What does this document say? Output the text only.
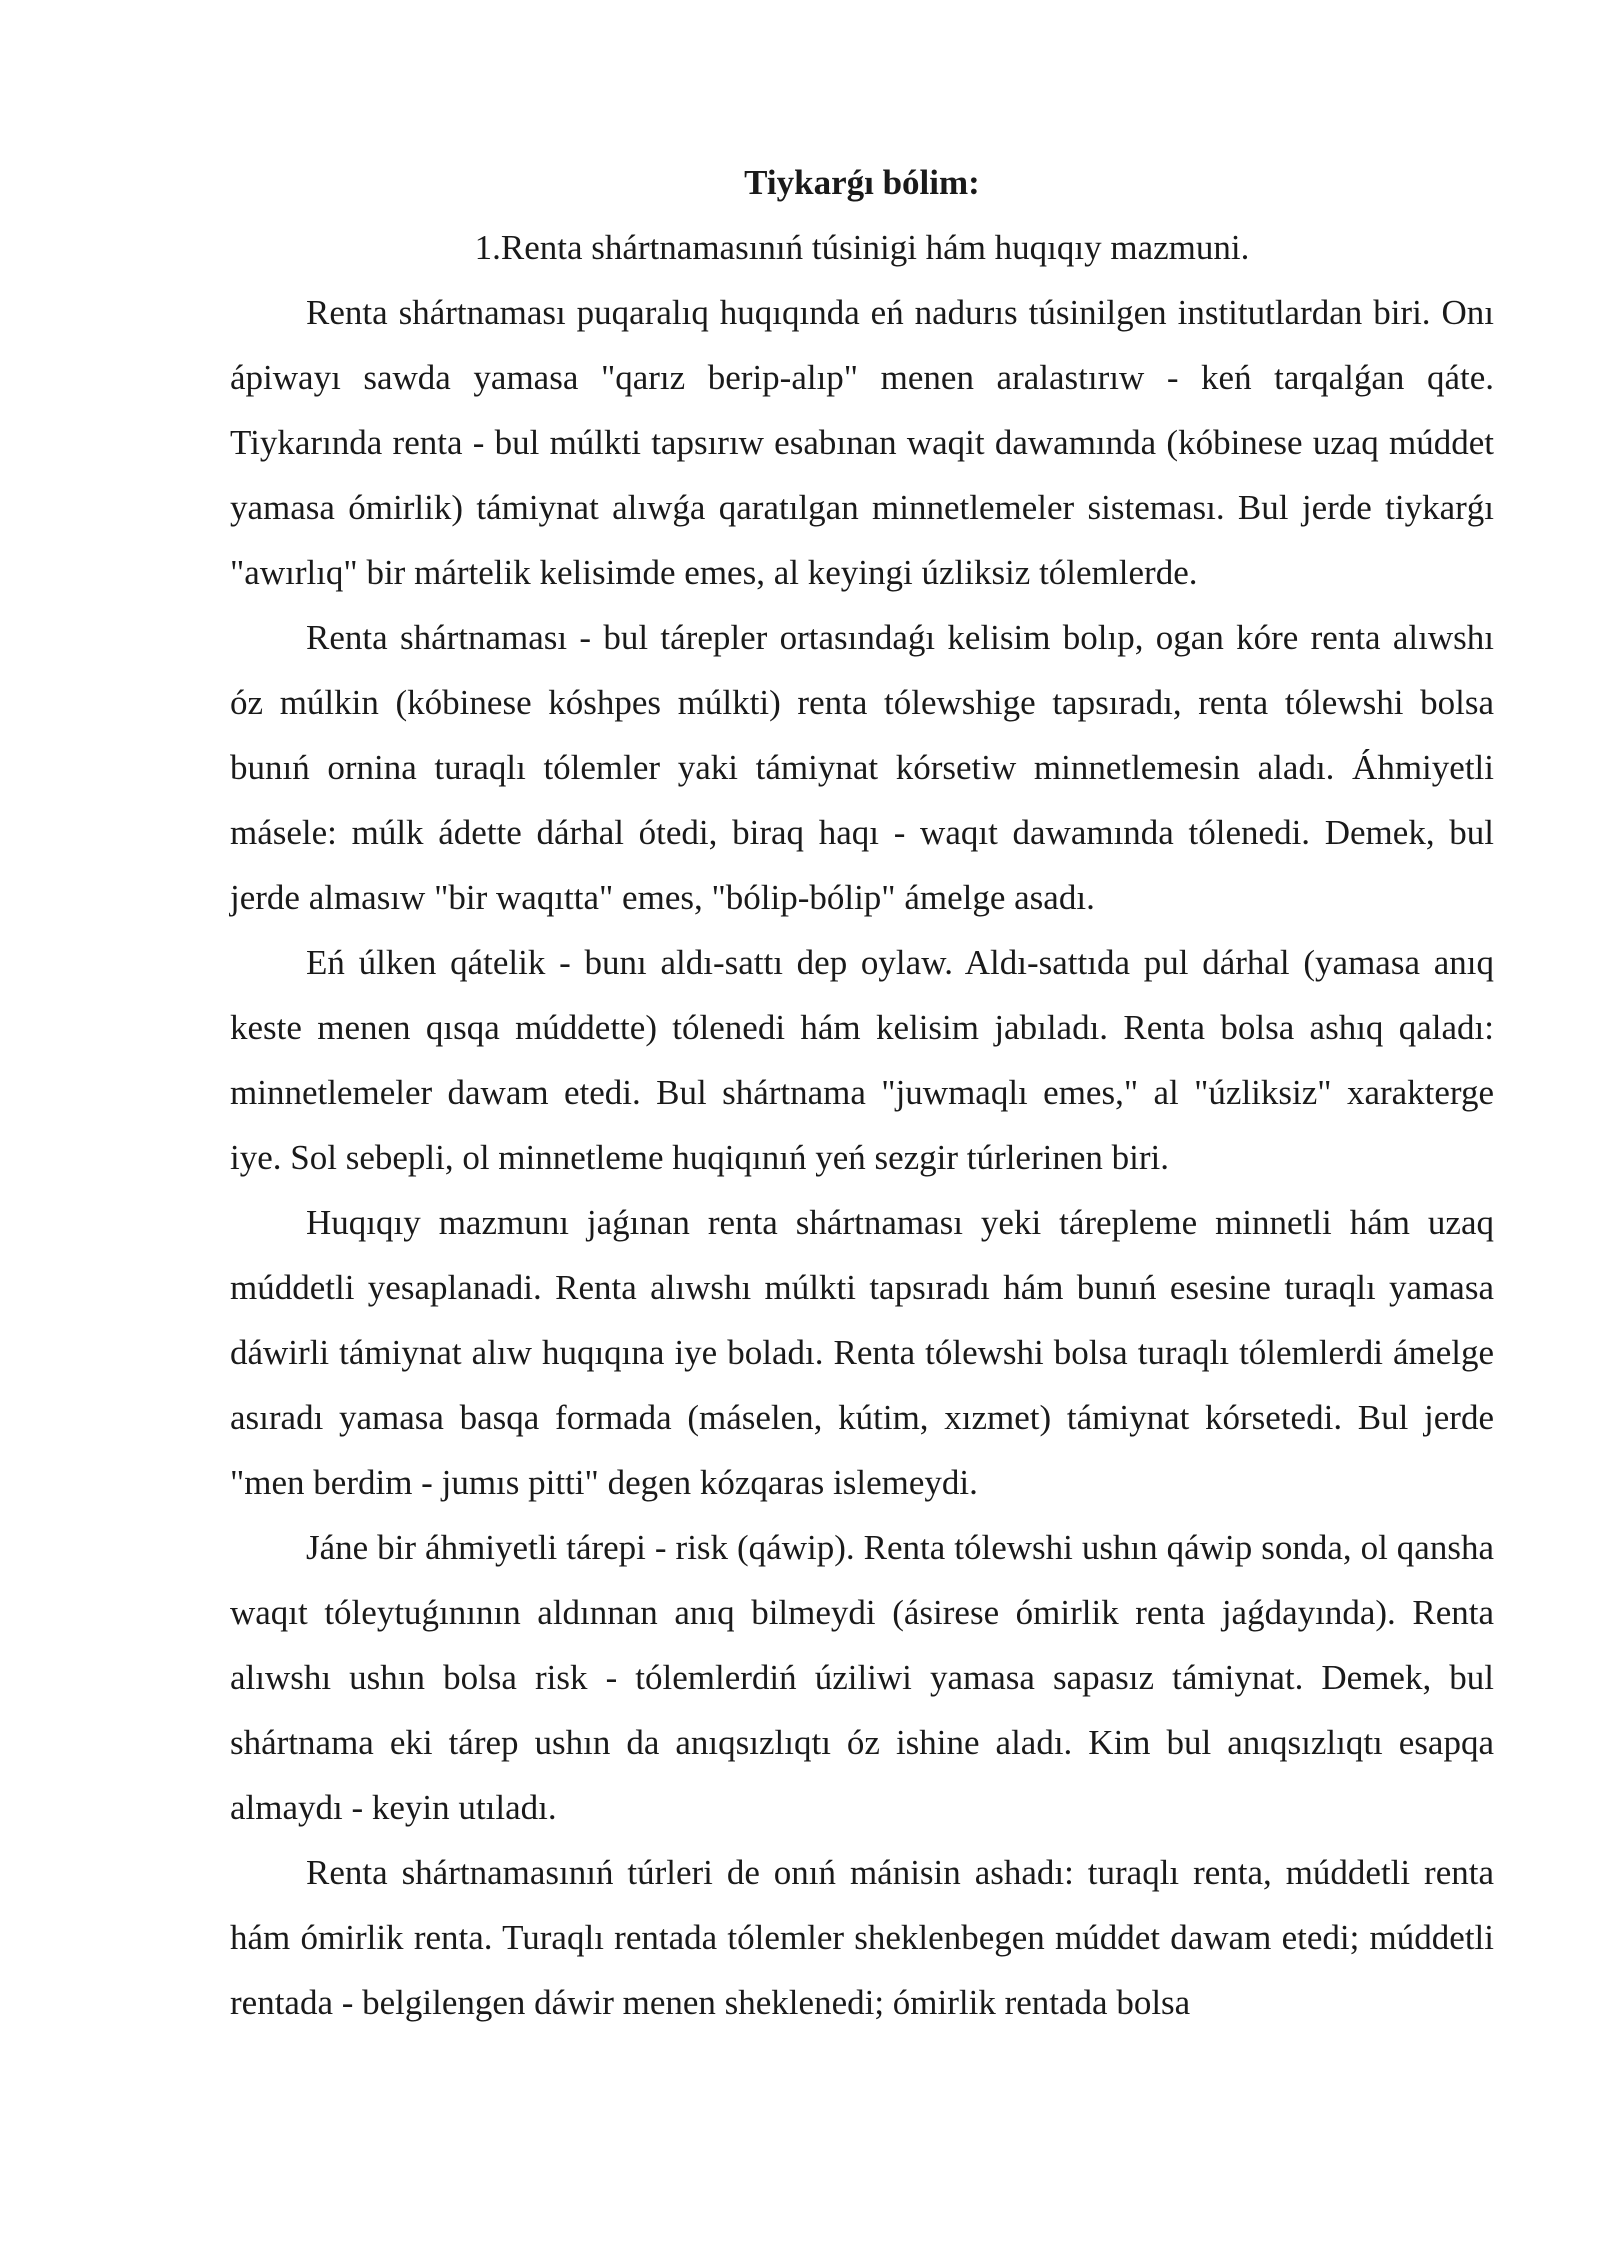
Tiykarǵı bólim:

1.Renta shártnamasınıń túsinigi hám huqıqıy mazmuni.

Renta shártnaması puqaralıq huqıqında eń nadurıs túsinilgen institutlardan biri. Onı ápiwayı sawda yamasa "qarız berip-alıp" menen aralastırıw - keń tarqalǵan qáte. Tiykarında renta - bul múlkti tapsırıw esabınan waqit dawamında (kóbinese uzaq múddet yamasa ómirlik) támiynat alıwǵa qaratılgan minnetlemeler sisteması. Bul jerde tiykarǵı "awırlıq" bir mártelik kelisimde emes, al keyingi úzliksiz tólemlerde.

Renta shártnaması - bul tárepler ortasındaǵı kelisim bolıp, ogan kóre renta alıwshı óz múlkin (kóbinese kóshpes múlkti) renta tólewshige tapsıradı, renta tólewshi bolsa bunıń ornina turaqlı tólemler yaki támiynat kórsetiw minnetlemesin aladı. Áhmiyetli másele: múlk ádette dárhal ótedi, biraq haqı - waqıt dawamında tólenedi. Demek, bul jerde almasıw "bir waqıtta" emes, "bólip-bólip" ámelge asadı.

Eń úlken qátelik - bunı aldı-sattı dep oylaw. Aldı-sattıda pul dárhal (yamasa anıq keste menen qısqa múddette) tólenedi hám kelisim jabıladı. Renta bolsa ashıq qaladı: minnetlemeler dawam etedi. Bul shártnama "juwmaqlı emes," al "úzliksiz" xarakterge iye. Sol sebepli, ol minnetleme huqiqınıń yeń sezgir túrlerinen biri.

Huqıqıy mazmunı jaǵınan renta shártnaması yeki tárepleme minnetli hám uzaq múddetli yesaplanadi. Renta alıwshı múlkti tapsıradı hám bunıń esesine turaqlı yamasa dáwirli támiynat alıw huqıqına iye boladı. Renta tólewshi bolsa turaqlı tólemlerdi ámelge asıradı yamasa basqa formada (máselen, kútim, xızmet) támiynat kórsetedi. Bul jerde "men berdim - jumıs pitti" degen kózqaras islemeydi.

Jáne bir áhmiyetli tárepi - risk (qáwip). Renta tólewshi ushın qáwip sonda, ol qansha waqıt tóleytuǵınının aldınnan anıq bilmeydi (ásirese ómirlik renta jaǵdayında). Renta alıwshı ushın bolsa risk - tólemlerdiń úziliwi yamasa sapasız támiynat. Demek, bul shártnama eki tárep ushın da anıqsızlıqtı óz ishine aladı. Kim bul anıqsızlıqtı esapqa almaydı - keyin utıladı.

Renta shártnamasınıń túrleri de onıń mánisin ashadı: turaqlı renta, múddetli renta hám ómirlik renta. Turaqlı rentada tólemler sheklenbegen múddet dawam etedi; múddetli rentada - belgilengen dáwir menen sheklenedi; ómirlik rentada bolsa
